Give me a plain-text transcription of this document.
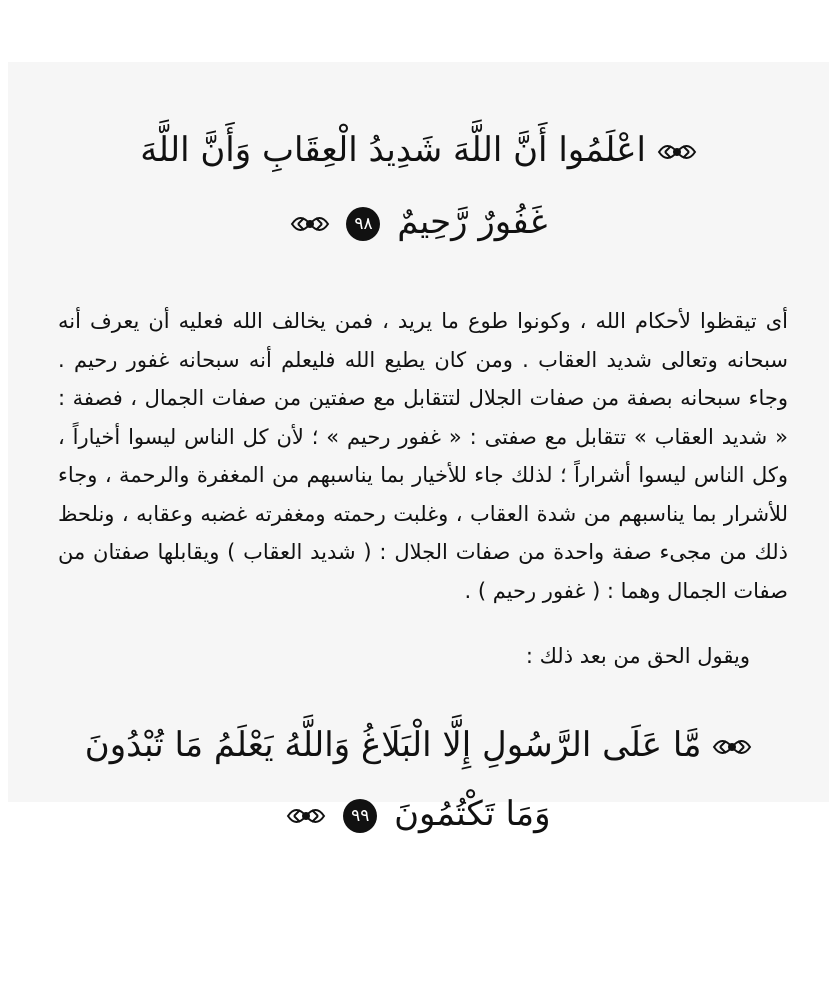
اعْلَمُوا أَنَّ اللَّهَ شَدِيدُ الْعِقَابِ وَأَنَّ اللَّهَ
غَفُورٌ رَّحِيمٌ ٩٨
أى تيقظوا لأحكام الله ، وكونوا طوع ما يريد ، فمن يخالف الله فعليه أن يعرف أنه سبحانه وتعالى شديد العقاب . ومن كان يطيع الله فليعلم أنه سبحانه غفور رحيم . وجاء سبحانه بصفة من صفات الجلال لتتقابل مع صفتين من صفات الجمال ، فصفة : « شديد العقاب » تتقابل مع صفتى : « غفور رحيم » ؛ لأن كل الناس ليسوا أخياراً ، وكل الناس ليسوا أشراراً ؛ لذلك جاء للأخيار بما يناسبهم من المغفرة والرحمة ، وجاء للأشرار بما يناسبهم من شدة العقاب ، وغلبت رحمته ومغفرته غضبه وعقابه ، ونلحظ ذلك من مجىء صفة واحدة من صفات الجلال : ( شديد العقاب ) ويقابلها صفتان من صفات الجمال وهما : ( غفور رحيم ) .
ويقول الحق من بعد ذلك :
مَّا عَلَى الرَّسُولِ إِلَّا الْبَلَاغُ وَاللَّهُ يَعْلَمُ مَا تُبْدُونَ
وَمَا تَكْتُمُونَ ٩٩
